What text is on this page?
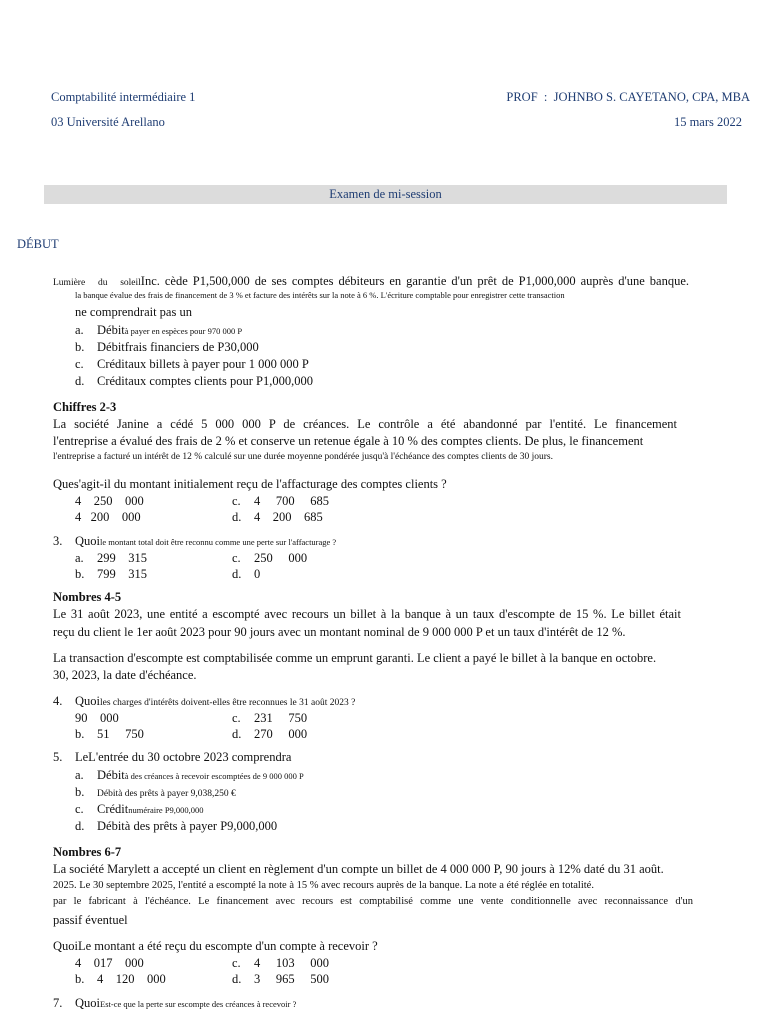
Comptabilité intermédiaire 1
03 Université Arellano
PROF  :  JOHNBO S. CAYETANO, CPA, MBA
15 mars 2022
Examen de mi-session
DÉBUT
Lumière   du   soleilInc. cède P1,500,000 de ses comptes débiteurs en garantie d'un prêt de P1,000,000 auprès d'une banque.
la banque évalue des frais de financement de 3 % et facture des intérêts sur la note à 6 %. L'écriture comptable pour enregistrer cette transaction
ne comprendrait pas un
a. Débità payer en espèces pour 970 000 P
b. Débitfrais financiers de P30,000
c. Créditaux billets à payer pour 1 000 000 P
d. Créditaux comptes clients pour P1,000,000
Chiffres 2-3
La société Janine a cédé 5 000 000 P de créances. Le contrôle a été abandonné par l'entité. Le financement
l'entreprise a évalué des frais de 2 % et conserve un retenue égale à 10 % des comptes clients. De plus, le financement
l'entreprise a facturé un intérêt de 12 % calculé sur une durée moyenne pondérée jusqu'à l'échéance des comptes clients de 30 jours.
Ques'agit-il du montant initialement reçu de l'affacturage des comptes clients ?
4    250    000	c. 4     700     685
4   200    000	d. 4    200    685
3. Quoile montant total doit être reconnu comme une perte sur l'affacturage ?
a. 299    315	c. 250     000
b. 799    315	d. 0
Nombres 4-5
Le 31 août 2023, une entité a escompté avec recours un billet à la banque à un taux d'escompte de 15 %. Le billet était
reçu du client le 1er août 2023 pour 90 jours avec un montant nominal de 9 000 000 P et un taux d'intérêt de 12 %.
La transaction d'escompte est comptabilisée comme un emprunt garanti. Le client a payé le billet à la banque en octobre.
30, 2023, la date d'échéance.
4. Quoiles charges d'intérêts doivent-elles être reconnues le 31 août 2023 ?
90    000	c. 231     750
b. 51     750	d. 270     000
5. LeL'entrée du 30 octobre 2023 comprendra
a. Débità des créances à recevoir escomptées de 9 000 000 P
b. Débità des prêts à payer 9,038,250 €
c. Créditnuméraire P9,000,000
d. Débità des prêts à payer P9,000,000
Nombres 6-7
La société Marylett a accepté un client en règlement d'un compte un billet de 4 000 000 P, 90 jours à 12% daté du 31 août.
2025. Le 30 septembre 2025, l'entité a escompté la note à 15 % avec recours auprès de la banque. La note a été réglée en totalité.
par le fabricant à l'échéance. Le financement avec recours est comptabilisé comme une vente conditionnelle avec reconnaissance d'un
passif éventuel
QuoiLe montant a été reçu du escompte d'un compte à recevoir ?
4    017    000	c. 4     103     000
b. 4    120    000	d. 3     965     500
7. QuoiEst-ce que la perte sur escompte des créances à recevoir ?
